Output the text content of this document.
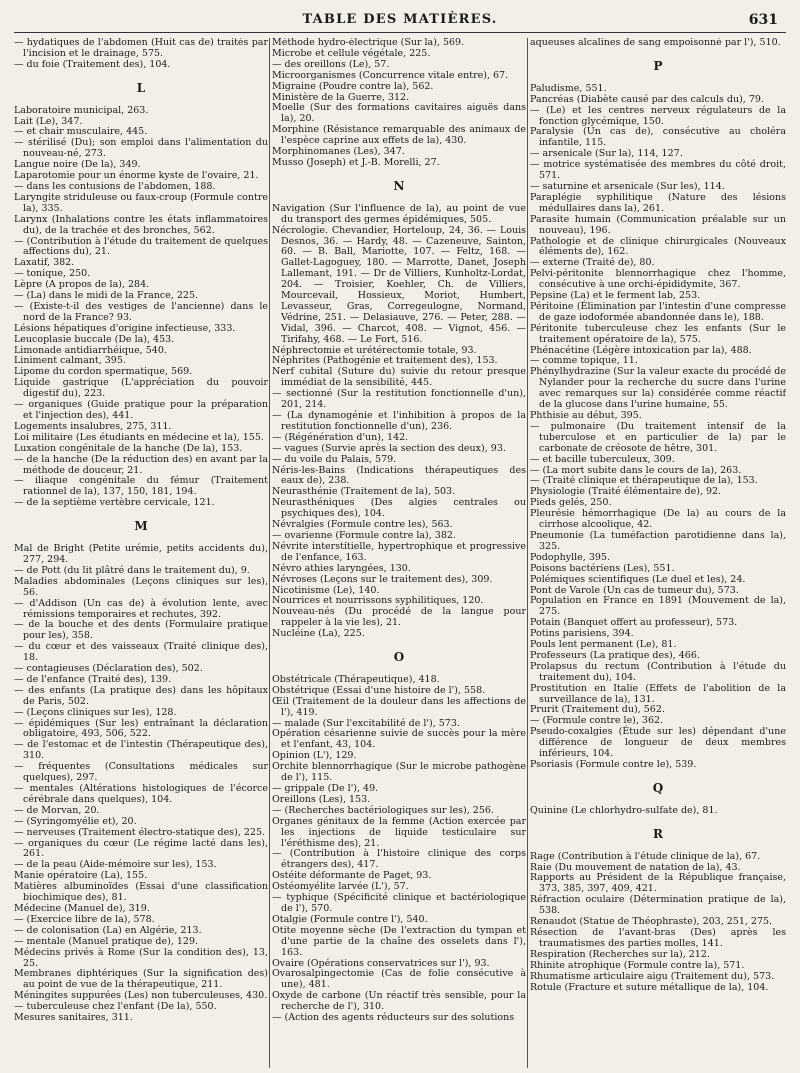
TABLE DES MATIÈRES.	631

— hydatiques de l'abdomen (Huit cas de) traités par l'incision et le drainage, 575.

— du foie (Traitement des), 104.

L

Laboratoire municipal, 263.

Lait (Le), 347.

— et chair musculaire, 445.

— stérilisé (Du); son emploi dans l'alimentation du nouveau-né, 273.

Langue noire (De la), 349.

Laparotomie pour un énorme kyste de l'ovaire, 21.

— dans les contusions de l'abdomen, 188.

Laryngite striduleuse ou faux-croup (Formule contre la), 335.

Larynx (Inhalations contre les états inflammatoires du), de la trachée et des bronches, 562.

— (Contribution à l'étude du traitement de quelques affections du), 21.

Laxatif, 382.

— tonique, 250.

Lèpre (A propos de la), 284.

— (La) dans le midi de la France, 225.

— (Existe-t-il des vestiges de l'ancienne) dans le nord de la France? 93.

Lésions hépatiques d'origine infectieuse, 333.

Leucoplasie buccale (De la), 453.

Limonade antidiarrhéique, 540.

Liniment calmant, 395.

Lipome du cordon spermatique, 569.

Liquide gastrique (L'appréciation du pouvoir digestif du), 223.

— organiques (Guide pratique pour la préparation et l'injection des), 441.

Logements insalubres, 275, 311.

Loi militaire (Les étudiants en médecine et la), 155.

Luxation congénitale de la hanche (De la), 153.

— de la hanche (De la réduction des) en avant par la méthode de douceur, 21.

— iliaque congénitale du fémur (Traitement rationnel de la), 137, 150, 181, 194.

— de la septième vertèbre cervicale, 121.

M

Mal de Bright (Petite urémie, petits accidents du), 277, 294.

— de Pott (du lit plâtré dans le traitement du), 9.

Maladies abdominales (Leçons cliniques sur les), 56.

— d'Addison (Un cas de) à évolution lente, avec rémissions temporaires et rechutes, 392.

— de la bouche et des dents (Formulaire pratique pour les), 358.

— du cœur et des vaisseaux (Traité clinique des), 18.

— contagieuses (Déclaration des), 502.

— de l'enfance (Traité des), 139.

— des enfants (La pratique des) dans les hôpitaux de Paris, 502.

— (Leçons cliniques sur les), 128.

— épidémiques (Sur les) entraînant la déclaration obligatoire, 493, 506, 522.

— de l'estomac et de l'intestin (Thérapeutique des), 310.

— fréquentes (Consultations médicales sur quelques), 297.

— mentales (Altérations histologiques de l'écorce cérébrale dans quelques), 104.

— de Morvan, 20.

— (Syringomyélie et), 20.

— nerveuses (Traitement électro-statique des), 225.

— organiques du cœur (Le régime lacté dans les), 261.

— de la peau (Aide-mémoire sur les), 153.

Manie opératoire (La), 155.

Matières albuminoïdes (Essai d'une classification biochimique des), 81.

Médecine (Manuel de), 319.

— (Exercice libre de la), 578.

— de colonisation (La) en Algérie, 213.

— mentale (Manuel pratique de), 129.

Médecins privés à Rome (Sur la condition des), 13, 25.

Membranes diphtériques (Sur la signification des) au point de vue de la thérapeutique, 211.

Méningites suppurées (Les) non tuberculeuses, 430.

— tuberculeuse chez l'enfant (De la), 550.

Mesures sanitaires, 311.

Méthode hydro-électrique (Sur la), 569.

Microbe et cellule végétale, 225.

— des oreillons (Le), 57.

Microorganismes (Concurrence vitale entre), 67.

Migraine (Poudre contre la), 562.

Ministère de la Guerre, 312.

Moelle (Sur des formations cavitaires aiguës dans la), 20.

Morphine (Résistance remarquable des animaux de l'espèce caprine aux effets de la), 430.

Morphinomanes (Les), 347.

Musso (Joseph) et J.-B. Morelli, 27.

N

Navigation (Sur l'influence de la), au point de vue du transport des germes épidémiques, 505.

Nécrologie. Chevandier, Horteloup, 24, 36. — Louis Desnos, 36. — Hardy, 48. — Cazeneuve, Sainton, 60. — B. Ball, Mariotte, 107. — Feltz, 168. — Gallet-Lagoguey, 180. — Marrotte, Danet, Joseph Lallemant, 191. — Dr de Villiers, Kunholtz-Lordat, 204. — Troisier, Koehler, Ch. de Villiers, Mourcevail, Hossieux, Moriot, Humbert, Levasseur, Gras, Corregeulogne, Normand, Védrine, 251. — Delasiauve, 276. — Peter, 288. — Vidal, 396. — Charcot, 408. — Vignot, 456. — Tirifahy, 468. — Le Fort, 516.

Néphrectomie et urétérectomie totale, 93.

Néphrites (Pathogénie et traitement des), 153.

Nerf cubital (Suture du) suivie du retour presque immédiat de la sensibilité, 445.

— sectionné (Sur la restitution fonctionnelle d'un), 201, 214.

— (La dynamogénie et l'inhibition à propos de la restitution fonctionnelle d'un), 236.

— (Régénération d'un), 142.

— vagues (Survie après la section des deux), 93.

— du voile du Palais, 579.

Néris-les-Bains (Indications thérapeutiques des eaux de), 238.

Neurasthénie (Traitement de la), 503.

Neurasthéniques (Des algies centrales ou psychiques des), 104.

Névralgies (Formule contre les), 563.

— ovarienne (Formule contre la), 382.

Névrite interstitielle, hypertrophique et progressive de l'enfance, 163.

Névro athies laryngées, 130.

Névroses (Leçons sur le traitement des), 309.

Nicotinisme (Le), 140.

Nourrices et nourrissons syphilitiques, 120.

Nouveau-nés (Du procédé de la langue pour rappeler à la vie les), 21.

Nucléine (La), 225.

O

Obstétricale (Thérapeutique), 418.

Obstétrique (Essai d'une histoire de l'), 558.

Œil (Traitement de la douleur dans les affections de l'), 419.

— malade (Sur l'excitabilité de l'), 573.

Opération césarienne suivie de succès pour la mère et l'enfant, 43, 104.

Opinion (L'), 129.

Orchite blennorrhagique (Sur le microbe pathogène de l'), 115.

— grippale (De l'), 49.

Oreillons (Les), 153.

— (Recherches bactériologiques sur les), 256.

Organes génitaux de la femme (Action exercée par les injections de liquide testiculaire sur l'éréthisme des), 21.

— (Contribution à l'histoire clinique des corps étrangers des), 417.

Ostéite déformante de Paget, 93.

Ostéomyélite larvée (L'), 57.

— typhique (Spécificité clinique et bactériologique de l'), 570.

Otalgie (Formule contre l'), 540.

Otite moyenne sèche (De l'extraction du tympan et d'une partie de la chaîne des osselets dans l'), 163.

Ovaire (Opérations conservatrices sur l'), 93.

Ovarosalpingectomie (Cas de folie consécutive à une), 481.

Oxyde de carbone (Un réactif très sensible, pour la recherche de l'), 310.

— (Action des agents réducteurs sur des solutions

aqueuses alcalines de sang empoisonné par l'), 510.

P

Paludisme, 551.

Pancréas (Diabète causé par des calculs du), 79.

— (Le) et les centres nerveux régulateurs de la fonction glycémique, 150.

Paralysie (Un cas de), consécutive au choléra infantile, 115.

— arsenicale (Sur la), 114, 127.

— motrice systématisée des membres du côté droit, 571.

— saturnine et arsenicale (Sur les), 114.

Paraplégie syphilitique (Nature des lésions médullaires dans la), 261.

Parasite humain (Communication préalable sur un nouveau), 196.

Pathologie et de clinique chirurgicales (Nouveaux éléments de), 162.

— externe (Traité de), 80.

Pelvi-péritonite blennorrhagique chez l'homme, consécutive à une orchi-épididymite, 367.

Pepsine (La) et le ferment lab, 253.

Péritoine (Élimination par l'intestin d'une compresse de gaze iodoformée abandonnée dans le), 188.

Péritonite tuberculeuse chez les enfants (Sur le traitement opératoire de la), 575.

Phénacétine (Légère intoxication par la), 488.

— comme topique, 11.

Phénylhydrazine (Sur la valeur exacte du procédé de Nylander pour la recherche du sucre dans l'urine avec remarques sur la) considérée comme réactif de la glucose dans l'urine humaine, 55.

Phthisie au début, 395.

— pulmonaire (Du traitement intensif de la tuberculose et en particulier de la) par le carbonate de créosote de hêtre, 301.

— et bacille tuberculeux, 309.

— (La mort subite dans le cours de la), 263.

— (Traité clinique et thérapeutique de la), 153.

Physiologie (Traité élémentaire de), 92.

Pieds gelés, 250.

Pleurésie hémorrhagique (De la) au cours de la cirrhose alcoolique, 42.

Pneumonie (La tuméfaction parotidienne dans la), 325.

Podophylle, 395.

Poisons bactériens (Les), 551.

Polémiques scientifiques (Le duel et les), 24.

Pont de Varole (Un cas de tumeur du), 573.

Population en France en 1891 (Mouvement de la), 275.

Potain (Banquet offert au professeur), 573.

Potins parisiens, 394.

Pouls lent permanent (Le), 81.

Professeurs (La pratique des), 466.

Prolapsus du rectum (Contribution à l'étude du traitement du), 104.

Prostitution en Italie (Effets de l'abolition de la surveillance de la), 131.

Prurit (Traitement du), 562.

— (Formule contre le), 362.

Pseudo-coxalgies (Étude sur les) dépendant d'une différence de longueur de deux membres inférieurs, 104.

Psoriasis (Formule contre le), 539.

Q

Quinine (Le chlorhydro-sulfate de), 81.

R

Rage (Contribution à l'étude clinique de la), 67.

Raie (Du mouvement de natation de la), 43.

Rapports au Président de la République française, 373, 385, 397, 409, 421.

Réfraction oculaire (Détermination pratique de la), 538.

Renaudot (Statue de Théophraste), 203, 251, 275.

Résection de l'avant-bras (Des) après les traumatismes des parties molles, 141.

Respiration (Recherches sur la), 212.

Rhinite atrophique (Formule contre la), 571.

Rhumatisme articulaire aigu (Traitement du), 573.

Rotule (Fracture et suture métallique de la), 104.
